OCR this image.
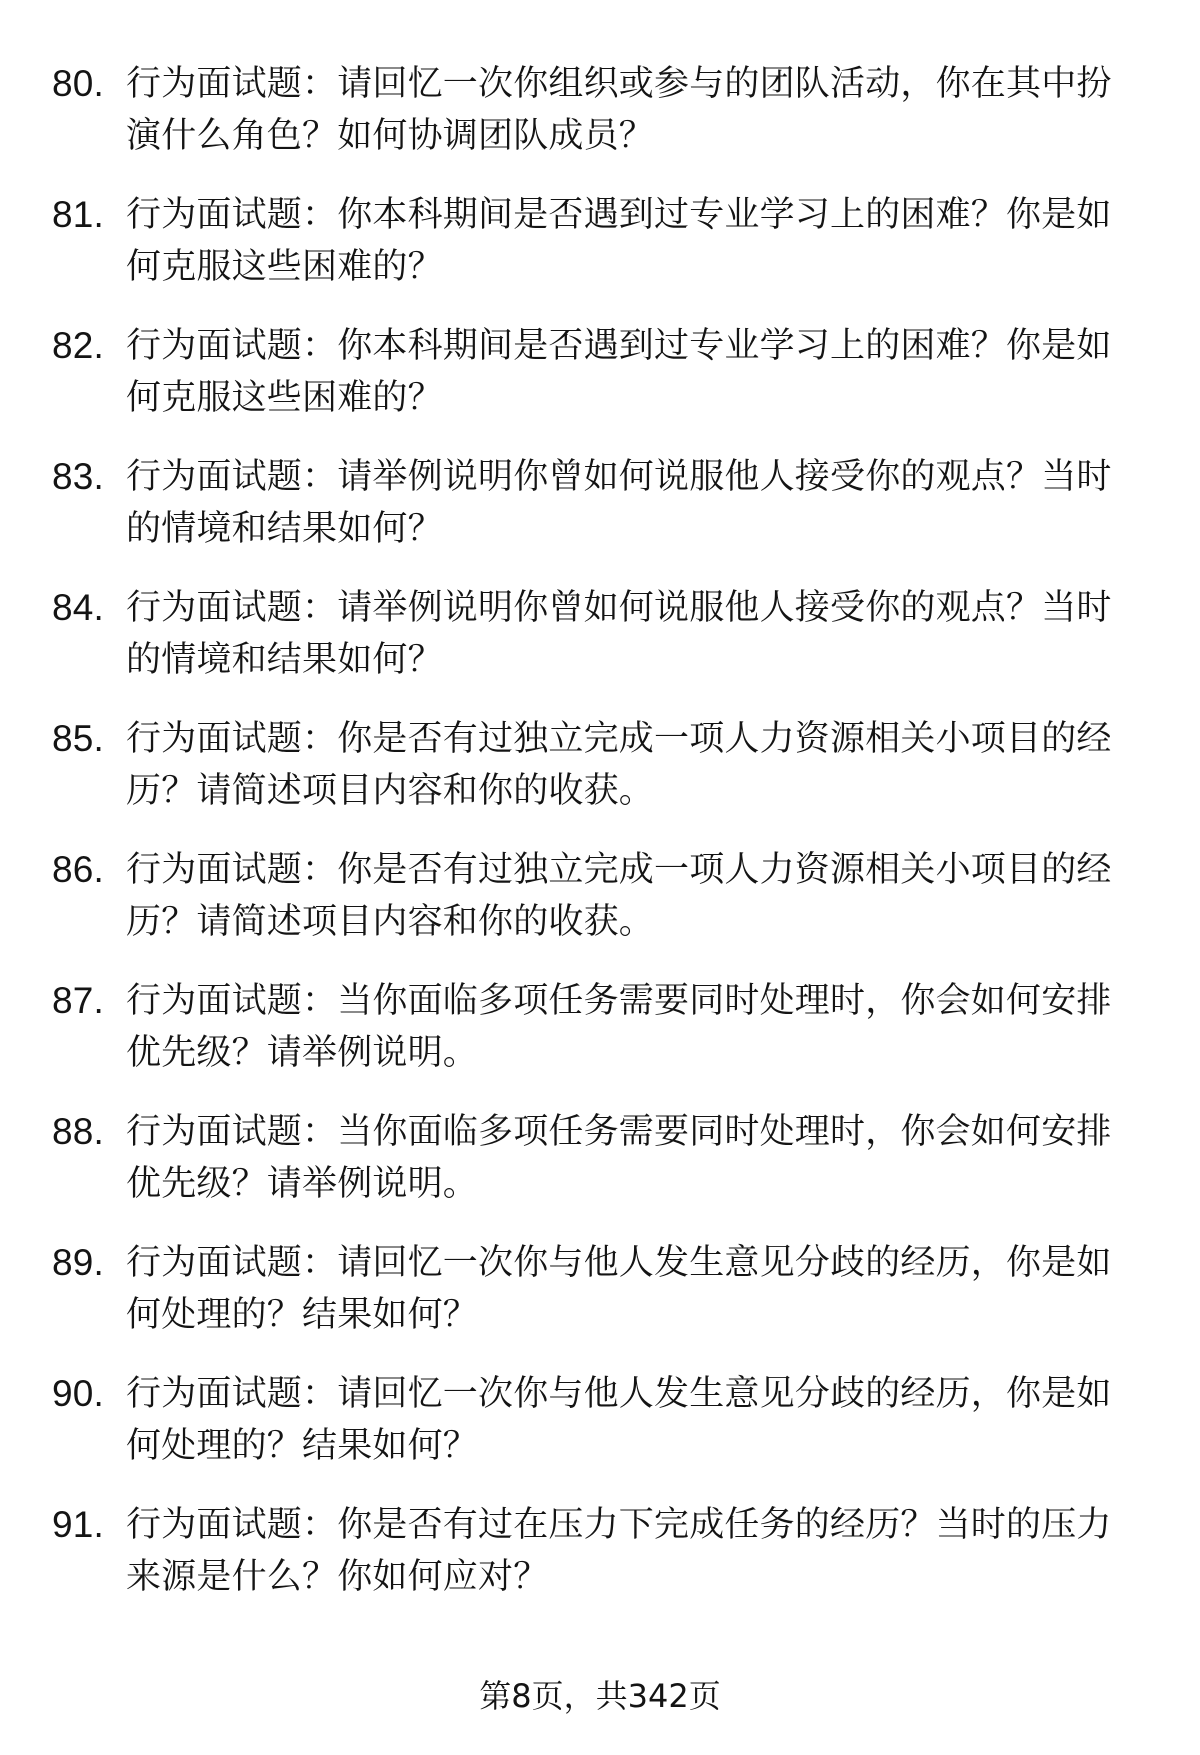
80. 行为面试题：请回忆一次你组织或参与的团队活动，你在其中扮演什么角色？如何协调团队成员？
81. 行为面试题：你本科期间是否遇到过专业学习上的困难？你是如何克服这些困难的？
82. 行为面试题：你本科期间是否遇到过专业学习上的困难？你是如何克服这些困难的？
83. 行为面试题：请举例说明你曾如何说服他人接受你的观点？当时的情境和结果如何？
84. 行为面试题：请举例说明你曾如何说服他人接受你的观点？当时的情境和结果如何？
85. 行为面试题：你是否有过独立完成一项人力资源相关小项目的经历？请简述项目内容和你的收获。
86. 行为面试题：你是否有过独立完成一项人力资源相关小项目的经历？请简述项目内容和你的收获。
87. 行为面试题：当你面临多项任务需要同时处理时，你会如何安排优先级？请举例说明。
88. 行为面试题：当你面临多项任务需要同时处理时，你会如何安排优先级？请举例说明。
89. 行为面试题：请回忆一次你与他人发生意见分歧的经历，你是如何处理的？结果如何？
90. 行为面试题：请回忆一次你与他人发生意见分歧的经历，你是如何处理的？结果如何？
91. 行为面试题：你是否有过在压力下完成任务的经历？当时的压力来源是什么？你如何应对？
第8页，共342页
